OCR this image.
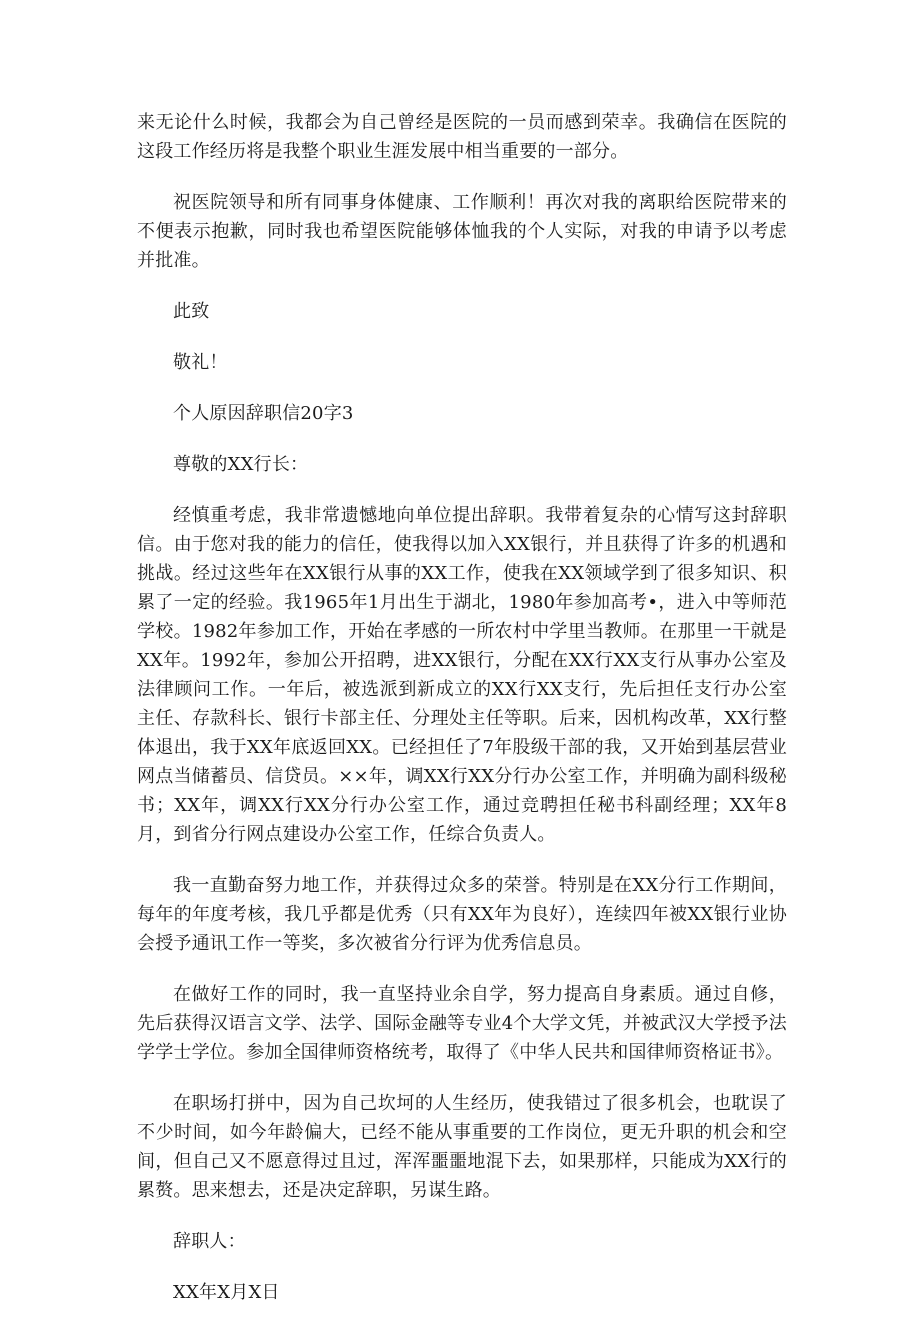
来无论什么时候，我都会为自己曾经是医院的一员而感到荣幸。我确信在医院的这段工作经历将是我整个职业生涯发展中相当重要的一部分。

祝医院领导和所有同事身体健康、工作顺利！再次对我的离职给医院带来的不便表示抱歉，同时我也希望医院能够体恤我的个人实际，对我的申请予以考虑并批准。

此致
敬礼！
个人原因辞职信20字3
尊敬的XX行长：

经慎重考虑，我非常遗憾地向单位提出辞职。我带着复杂的心情写这封辞职信。由于您对我的能力的信任，使我得以加入XX银行，并且获得了许多的机遇和挑战。经过这些年在XX银行从事的XX工作，使我在XX领域学到了很多知识、积累了一定的经验。我1965年1月出生于湖北，1980年参加高考•，进入中等师范学校。1982年参加工作，开始在孝感的一所农村中学里当教师。在那里一干就是XX年。1992年，参加公开招聘，进XX银行，分配在XX行XX支行从事办公室及法律顾问工作。一年后，被选派到新成立的XX行XX支行，先后担任支行办公室主任、存款科长、银行卡部主任、分理处主任等职。后来，因机构改革，XX行整体退出，我于XX年底返回XX。已经担任了7年股级干部的我，又开始到基层营业网点当储蓄员、信贷员。××年，调XX行XX分行办公室工作，并明确为副科级秘书；XX年，调XX行XX分行办公室工作，通过竞聘担任秘书科副经理；XX年8月，到省分行网点建设办公室工作，任综合负责人。

我一直勤奋努力地工作，并获得过众多的荣誉。特别是在XX分行工作期间，每年的年度考核，我几乎都是优秀（只有XX年为良好），连续四年被XX银行业协会授予通讯工作一等奖，多次被省分行评为优秀信息员。

在做好工作的同时，我一直坚持业余自学，努力提高自身素质。通过自修，先后获得汉语言文学、法学、国际金融等专业4个大学文凭，并被武汉大学授予法学学士学位。参加全国律师资格统考，取得了《中华人民共和国律师资格证书》。

在职场打拼中，因为自己坎坷的人生经历，使我错过了很多机会，也耽误了不少时间，如今年龄偏大，已经不能从事重要的工作岗位，更无升职的机会和空间，但自己又不愿意得过且过，浑浑噩噩地混下去，如果那样，只能成为XX行的累赘。思来想去，还是决定辞职，另谋生路。

辞职人：
XX年X月X日
